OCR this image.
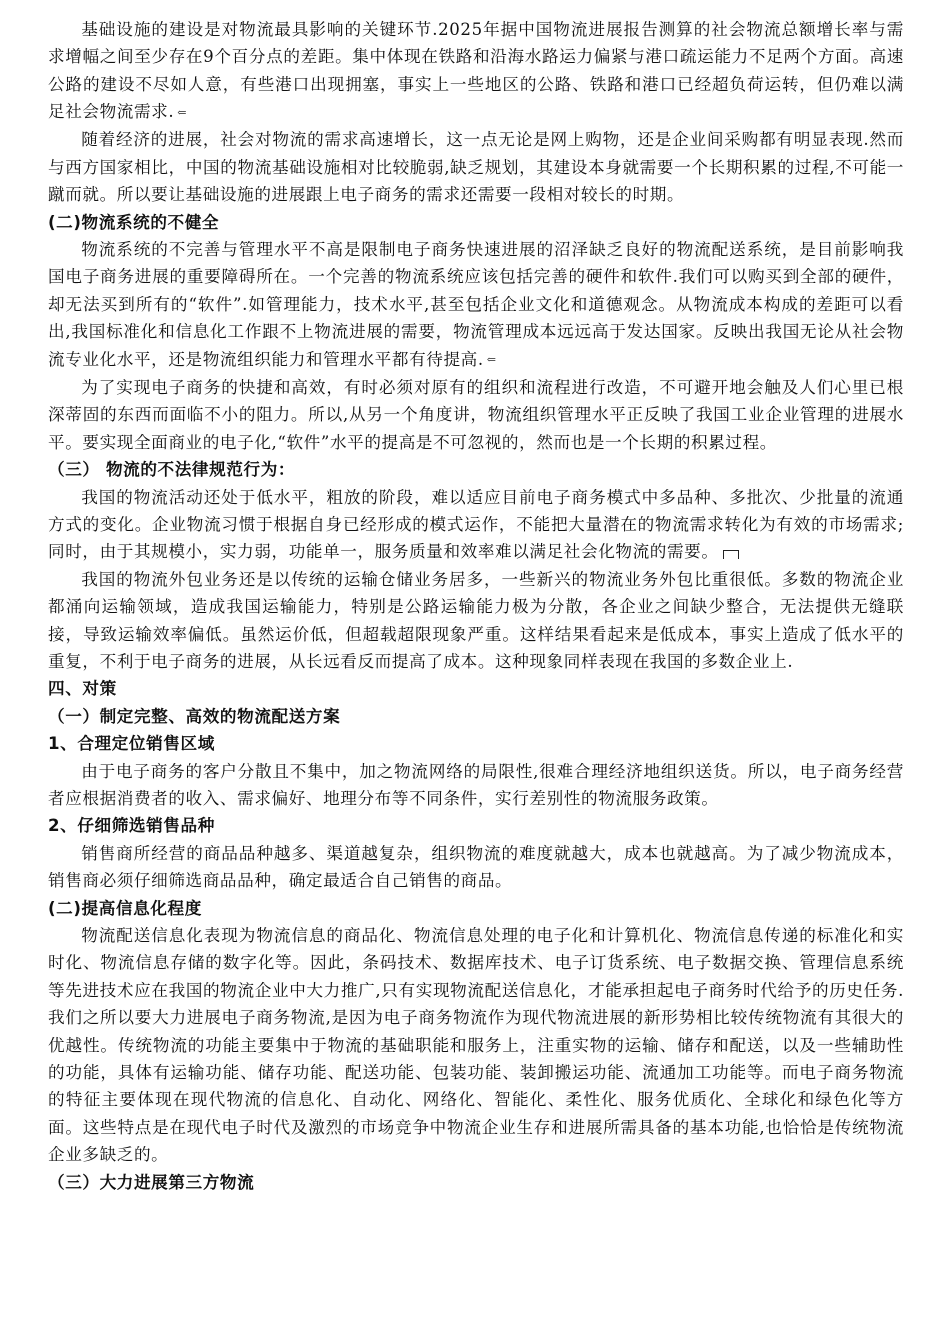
基础设施的建设是对物流最具影响的关键环节.2025年据中国物流进展报告测算的社会物流总额增长率与需求增幅之间至少存在9个百分点的差距。集中体现在铁路和沿海水路运力偏紧与港口疏运能力不足两个方面。高速公路的建设不尽如人意，有些港口出现拥塞，事实上一些地区的公路、铁路和港口已经超负荷运转，但仍难以满足社会物流需求. ⇐

随着经济的进展，社会对物流的需求高速增长，这一点无论是网上购物，还是企业间采购都有明显表现.然而与西方国家相比，中国的物流基础设施相对比较脆弱,缺乏规划，其建设本身就需要一个长期积累的过程,不可能一蹴而就。所以要让基础设施的进展跟上电子商务的需求还需要一段相对较长的时期。

(二)物流系统的不健全

物流系统的不完善与管理水平不高是限制电子商务快速进展的沼泽缺乏良好的物流配送系统，是目前影响我国电子商务进展的重要障碍所在。一个完善的物流系统应该包括完善的硬件和软件.我们可以购买到全部的硬件，却无法买到所有的“软件”.如管理能力，技术水平,甚至包括企业文化和道德观念。从物流成本构成的差距可以看出,我国标准化和信息化工作跟不上物流进展的需要，物流管理成本远远高于发达国家。反映出我国无论从社会物流专业化水平，还是物流组织能力和管理水平都有待提高. ⇐

为了实现电子商务的快捷和高效，有时必须对原有的组织和流程进行改造，不可避开地会触及人们心里已根深蒂固的东西而面临不小的阻力。所以,从另一个角度讲，物流组织管理水平正反映了我国工业企业管理的进展水平。要实现全面商业的电子化,“软件”水平的提高是不可忽视的，然而也是一个长期的积累过程。

（三） 物流的不法律规范行为：

我国的物流活动还处于低水平，粗放的阶段，难以适应目前电子商务模式中多品种、多批次、少批量的流通方式的变化。企业物流习惯于根据自身已经形成的模式运作，不能把大量潜在的物流需求转化为有效的市场需求;同时，由于其规模小，实力弱，功能单一，服务质量和效率难以满足社会化物流的需要。

我国的物流外包业务还是以传统的运输仓储业务居多，一些新兴的物流业务外包比重很低。多数的物流企业都涌向运输领域，造成我国运输能力，特别是公路运输能力极为分散，各企业之间缺少整合，无法提供无缝联接，导致运输效率偏低。虽然运价低，但超载超限现象严重。这样结果看起来是低成本，事实上造成了低水平的重复，不利于电子商务的进展，从长远看反而提高了成本。这种现象同样表现在我国的多数企业上.

四、对策

（一）制定完整、高效的物流配送方案

1、合理定位销售区域

由于电子商务的客户分散且不集中，加之物流网络的局限性,很难合理经济地组织送货。所以，电子商务经营者应根据消费者的收入、需求偏好、地理分布等不同条件，实行差别性的物流服务政策。

2、仔细筛选销售品种

销售商所经营的商品品种越多、渠道越复杂，组织物流的难度就越大，成本也就越高。为了减少物流成本，销售商必须仔细筛选商品品种，确定最适合自己销售的商品。

(二)提高信息化程度

物流配送信息化表现为物流信息的商品化、物流信息处理的电子化和计算机化、物流信息传递的标准化和实时化、物流信息存储的数字化等。因此，条码技术、数据库技术、电子订货系统、电子数据交换、管理信息系统等先进技术应在我国的物流企业中大力推广,只有实现物流配送信息化，才能承担起电子商务时代给予的历史任务.我们之所以要大力进展电子商务物流,是因为电子商务物流作为现代物流进展的新形势相比较传统物流有其很大的优越性。传统物流的功能主要集中于物流的基础职能和服务上，注重实物的运输、储存和配送，以及一些辅助性的功能，具体有运输功能、储存功能、配送功能、包装功能、装卸搬运功能、流通加工功能等。而电子商务物流的特征主要体现在现代物流的信息化、自动化、网络化、智能化、柔性化、服务优质化、全球化和绿色化等方面。这些特点是在现代电子时代及激烈的市场竞争中物流企业生存和进展所需具备的基本功能,也恰恰是传统物流企业多缺乏的。

（三）大力进展第三方物流
